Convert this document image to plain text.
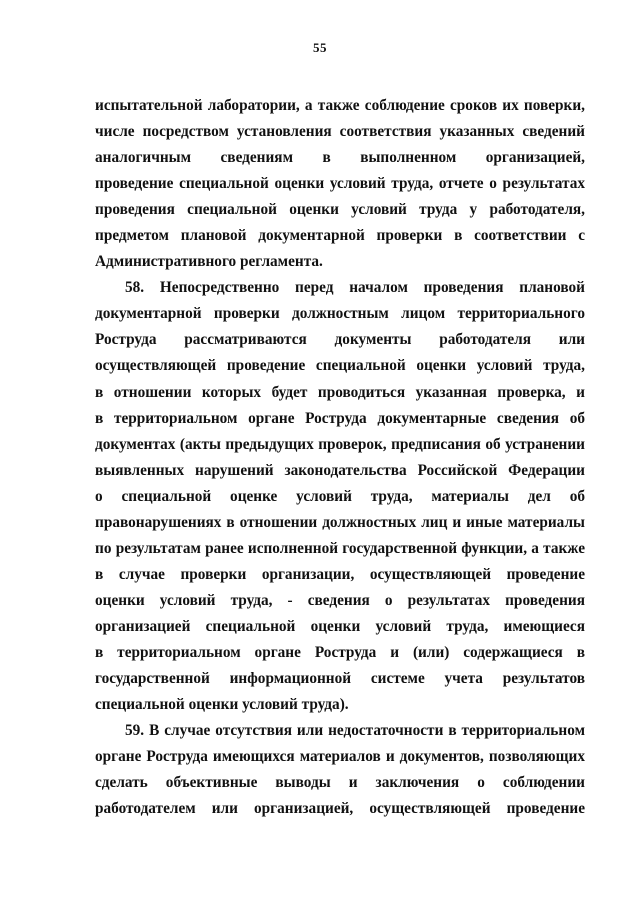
55
испытательной лаборатории, а также соблюдение сроков их поверки,
числе посредством установления соответствия указанных сведений
аналогичным сведениям в выполненном организацией,
проведение специальной оценки условий труда, отчете о результатах
проведения специальной оценки условий труда у работодателя,
предметом плановой документарной проверки в соответствии с
Административного регламента.
58. Непосредственно перед началом проведения плановой
документарной проверки должностным лицом территориального
Роструда рассматриваются документы работодателя или
осуществляющей проведение специальной оценки условий труда,
в отношении которых будет проводиться указанная проверка, и
в территориальном органе Роструда документарные сведения об
документах (акты предыдущих проверок, предписания об устранении
выявленных нарушений законодательства Российской Федерации
о специальной оценке условий труда, материалы дел об
правонарушениях в отношении должностных лиц и иные материалы
по результатам ранее исполненной государственной функции, а также
в случае проверки организации, осуществляющей проведение
оценки условий труда, - сведения о результатах проведения
организацией специальной оценки условий труда, имеющиеся
в территориальном органе Роструда и (или) содержащиеся в
государственной информационной системе учета результатов
специальной оценки условий труда).
59. В случае отсутствия или недостаточности в территориальном
органе Роструда имеющихся материалов и документов, позволяющих
сделать объективные выводы и заключения о соблюдении
работодателем или организацией, осуществляющей проведение
